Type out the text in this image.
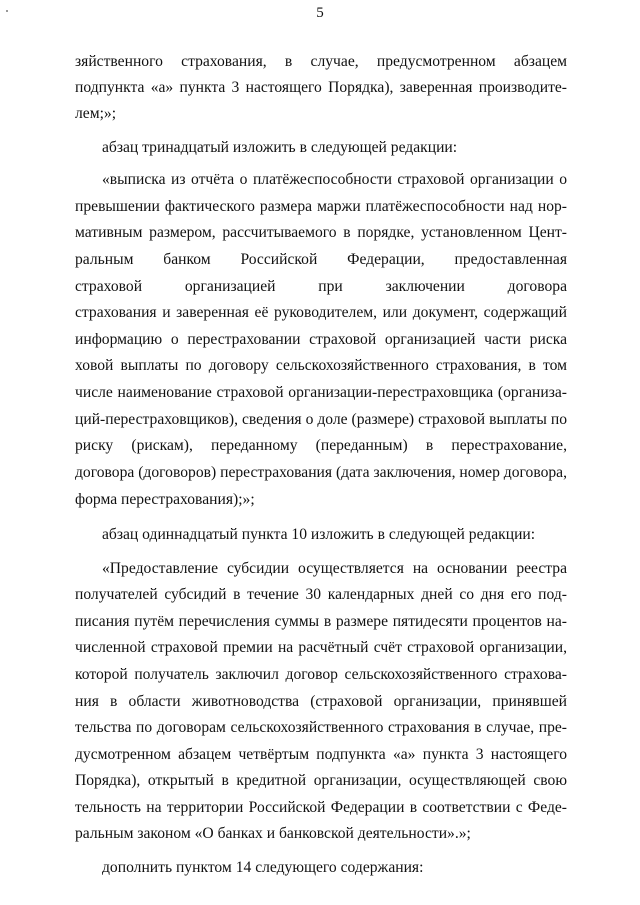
5
зяйственного страхования, в случае, предусмотренном абзацем
подпункта «а» пункта 3 настоящего Порядка), заверенная производите-
лем;»;
абзац тринадцатый изложить в следующей редакции:
«выписка из отчёта о платёжеспособности страховой организации о
превышении фактического размера маржи платёжеспособности над нор-
мативным размером, рассчитываемого в порядке, установленном Цент-
ральным банком Российской Федерации, предоставленная
страховой организацией при заключении договора
страхования и заверенная её руководителем, или документ, содержащий
информацию о перестраховании страховой организацией части риска
ховой выплаты по договору сельскохозяйственного страхования, в том
числе наименование страховой организации-перестраховщика (организа-
ций-перестраховщиков), сведения о доле (размере) страховой выплаты по
риску (рискам), переданному (переданным) в перестрахование,
договора (договоров) перестрахования (дата заключения, номер договора,
форма перестрахования);»;
абзац одиннадцатый пункта 10 изложить в следующей редакции:
«Предоставление субсидии осуществляется на основании реестра
получателей субсидий в течение 30 календарных дней со дня его под-
писания путём перечисления суммы в размере пятидесяти процентов на-
численной страховой премии на расчётный счёт страховой организации,
которой получатель заключил договор сельскохозяйственного страхова-
ния в области животноводства (страховой организации, принявшей
тельства по договорам сельскохозяйственного страхования в случае, пре-
дусмотренном абзацем четвёртым подпункта «а» пункта 3 настоящего
Порядка), открытый в кредитной организации, осуществляющей свою
тельность на территории Российской Федерации в соответствии с Феде-
ральным законом «О банках и банковской деятельности».»;
дополнить пунктом 14 следующего содержания:
